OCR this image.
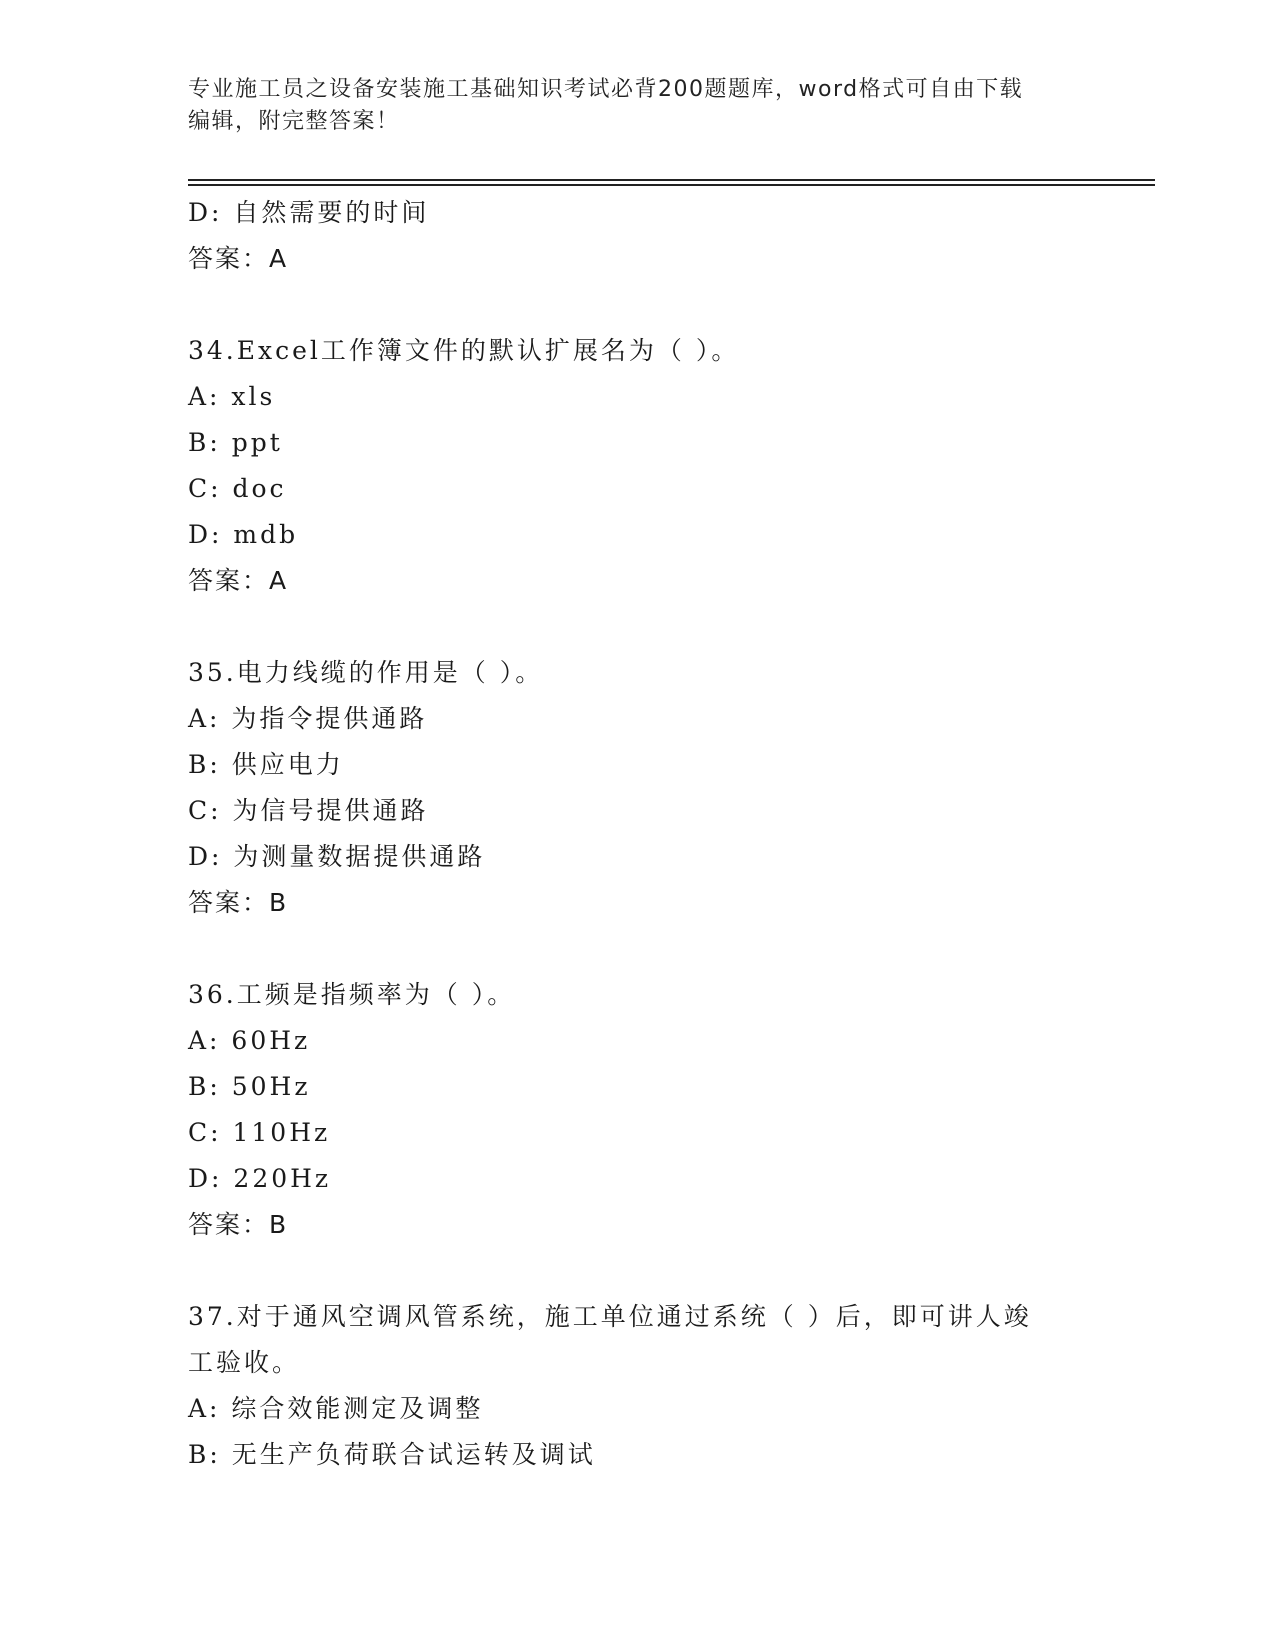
专业施工员之设备安装施工基础知识考试必背200题题库，word格式可自由下载
编辑，附完整答案！
D: 自然需要的时间
答案：A
34.Excel工作簿文件的默认扩展名为（ ）。
A: xls
B: ppt
C: doc
D: mdb
答案：A
35.电力线缆的作用是（ ）。
A: 为指令提供通路
B: 供应电力
C: 为信号提供通路
D: 为测量数据提供通路
答案：B
36.工频是指频率为（ ）。
A: 60Hz
B: 50Hz
C: 110Hz
D: 220Hz
答案：B
37.对于通风空调风管系统，施工单位通过系统（ ）后，即可讲人竣
工验收。
A: 综合效能测定及调整
B: 无生产负荷联合试运转及调试
